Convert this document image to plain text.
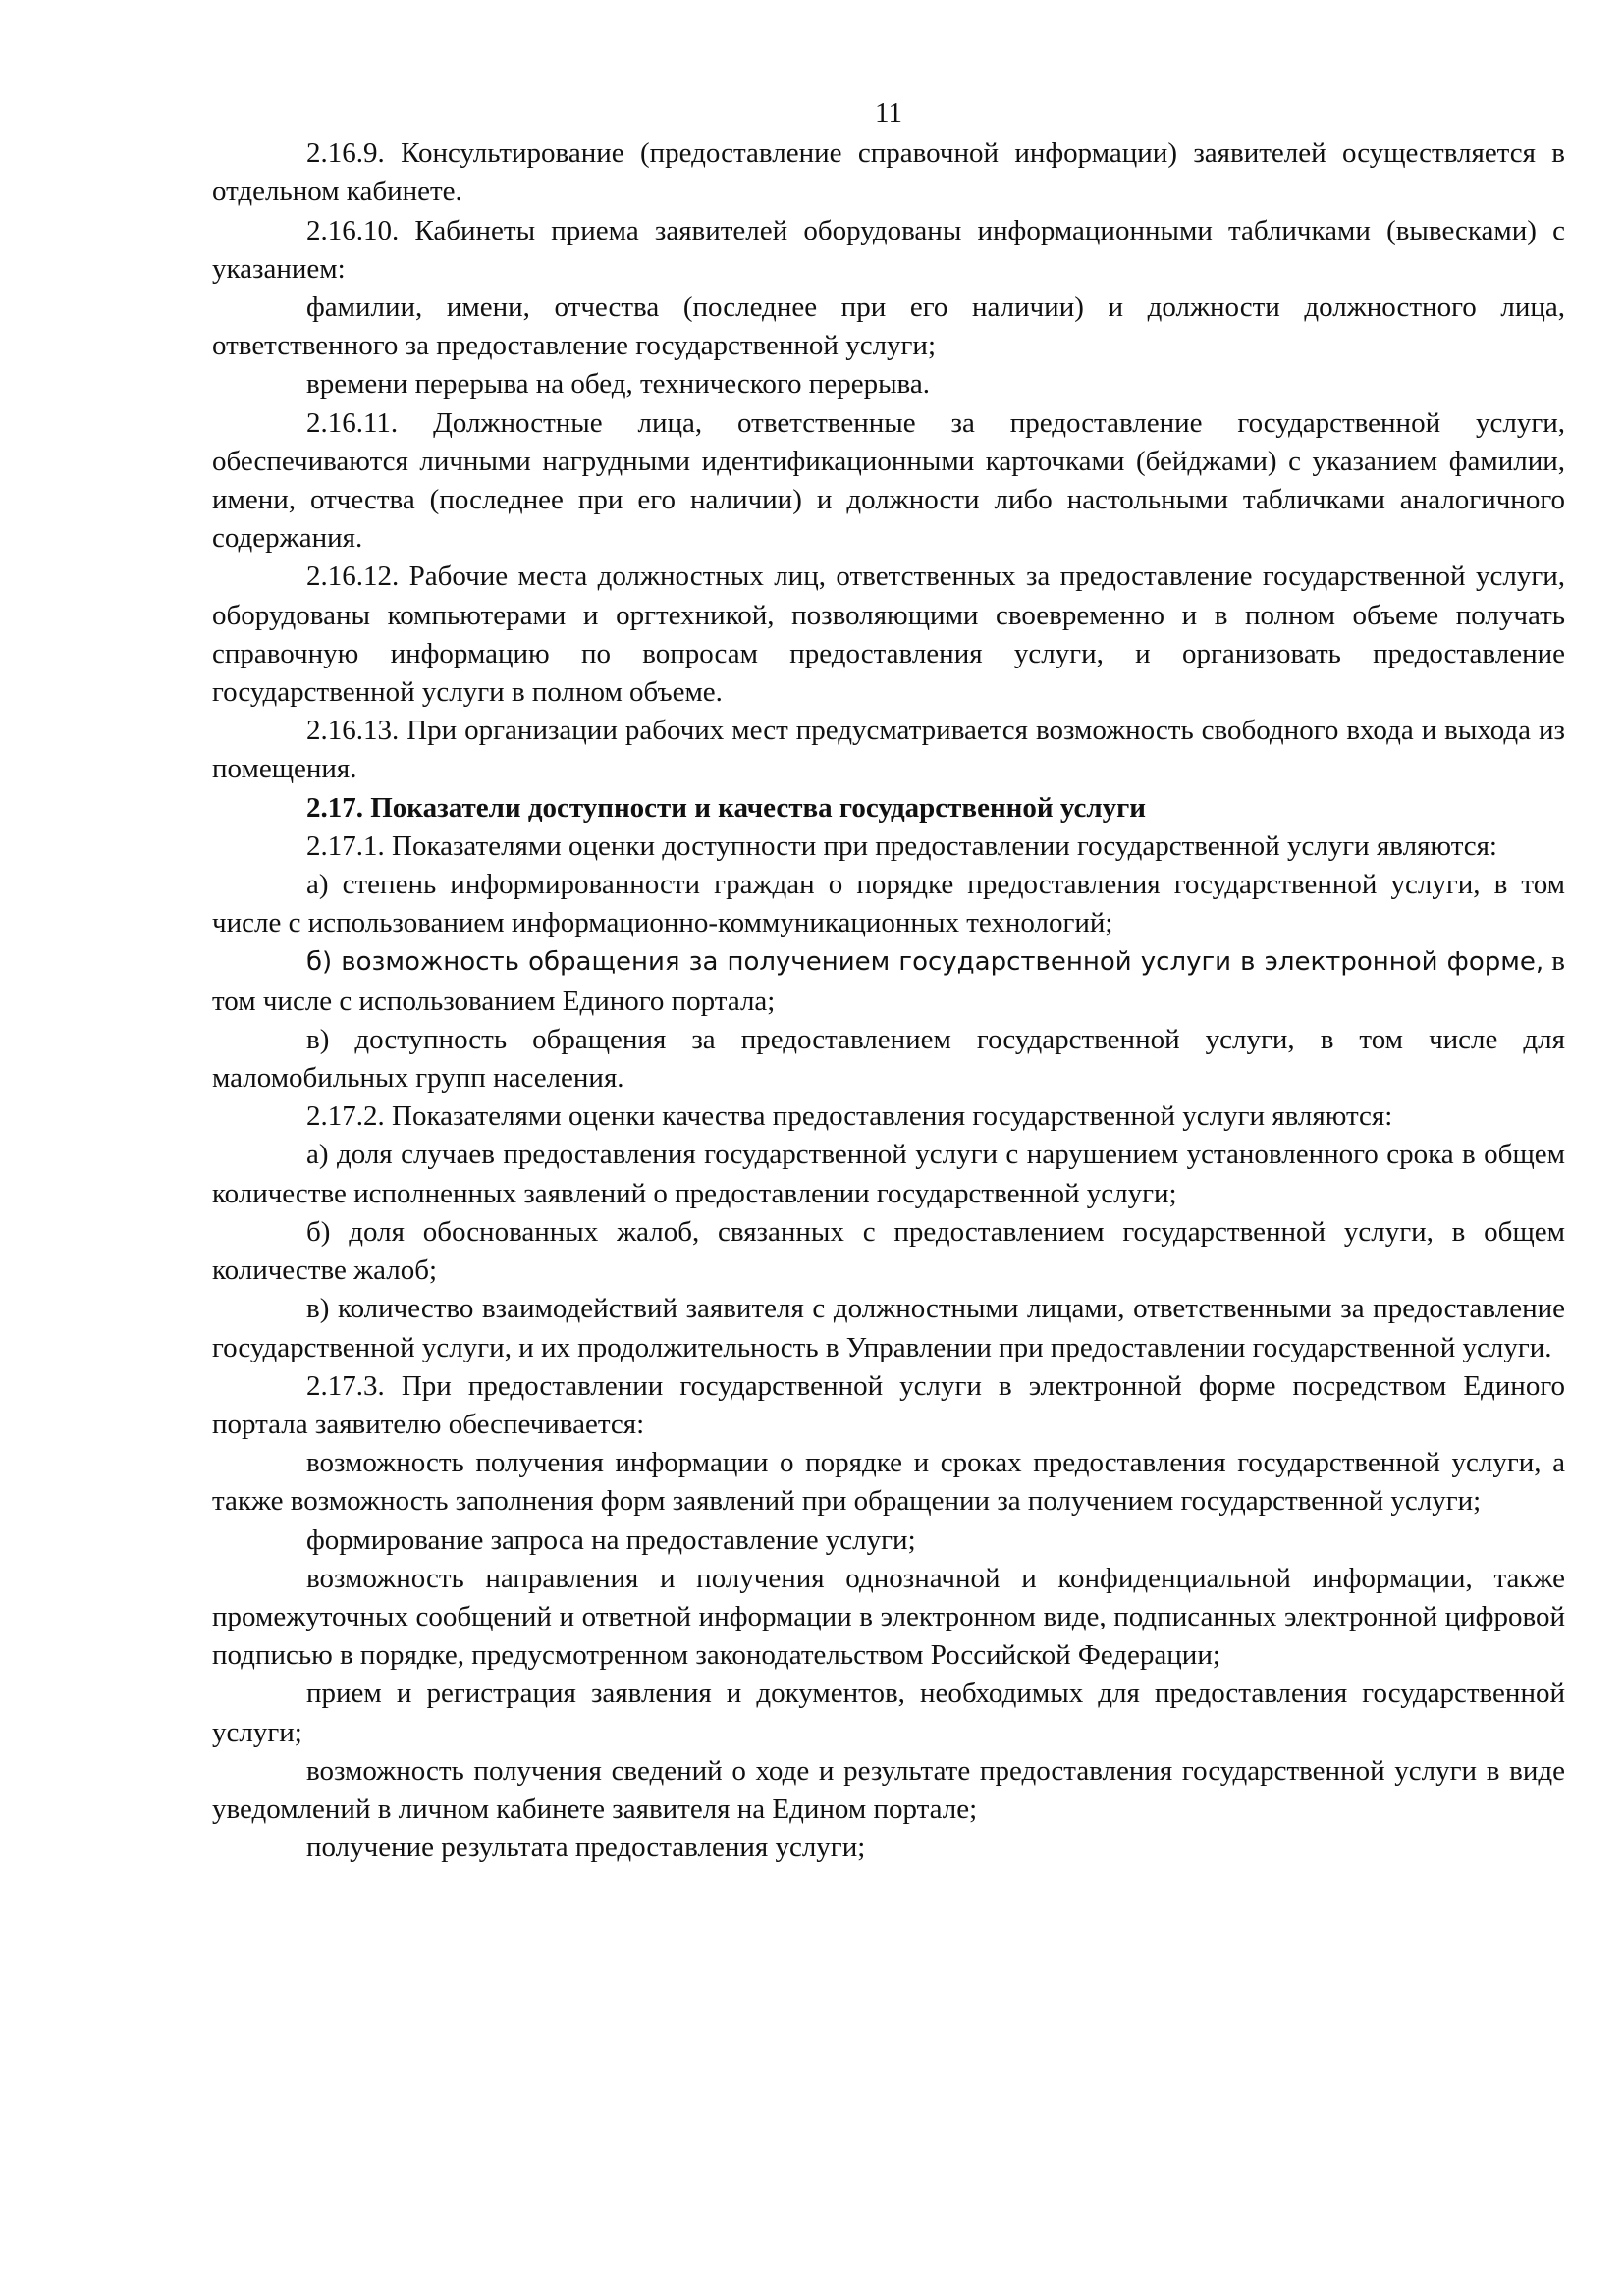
11

2.16.9. Консультирование (предоставление справочной информации) заявителей осуществляется в отдельном кабинете.

2.16.10. Кабинеты приема заявителей оборудованы информационными табличками (вывесками) с указанием:

фамилии, имени, отчества (последнее при его наличии) и должности должностного лица, ответственного за предоставление государственной услуги;

времени перерыва на обед, технического перерыва.

2.16.11. Должностные лица, ответственные за предоставление государственной услуги, обеспечиваются личными нагрудными идентификационными карточками (бейджами) с указанием фамилии, имени, отчества (последнее при его наличии) и должности либо настольными табличками аналогичного содержания.

2.16.12. Рабочие места должностных лиц, ответственных за предоставление государственной услуги, оборудованы компьютерами и оргтехникой, позволяющими своевременно и в полном объеме получать справочную информацию по вопросам предоставления услуги, и организовать предоставление государственной услуги в полном объеме.

2.16.13. При организации рабочих мест предусматривается возможность свободного входа и выхода из помещения.

2.17. Показатели доступности и качества государственной услуги

2.17.1. Показателями оценки доступности при предоставлении государственной услуги являются:

а) степень информированности граждан о порядке предоставления государственной услуги, в том числе с использованием информационно-коммуникационных технологий;

б) возможность обращения за получением государственной услуги в электронной форме, в том числе с использованием Единого портала;

в) доступность обращения за предоставлением государственной услуги, в том числе для маломобильных групп населения.

2.17.2. Показателями оценки качества предоставления государственной услуги являются:

а) доля случаев предоставления государственной услуги с нарушением установленного срока в общем количестве исполненных заявлений о предоставлении государственной услуги;

б) доля обоснованных жалоб, связанных с предоставлением государственной услуги, в общем количестве жалоб;

в) количество взаимодействий заявителя с должностными лицами, ответственными за предоставление государственной услуги, и их продолжительность в Управлении при предоставлении государственной услуги.

2.17.3. При предоставлении государственной услуги в электронной форме посредством Единого портала заявителю обеспечивается:

возможность получения информации о порядке и сроках предоставления государственной услуги, а также возможность заполнения форм заявлений при обращении за получением государственной услуги;

формирование запроса на предоставление услуги;

возможность направления и получения однозначной и конфиденциальной информации, также промежуточных сообщений и ответной информации в электронном виде, подписанных электронной цифровой подписью в порядке, предусмотренном законодательством Российской Федерации;

прием и регистрация заявления и документов, необходимых для предоставления государственной услуги;

возможность получения сведений о ходе и результате предоставления государственной услуги в виде уведомлений в личном кабинете заявителя на Едином портале;

получение результата предоставления услуги;
